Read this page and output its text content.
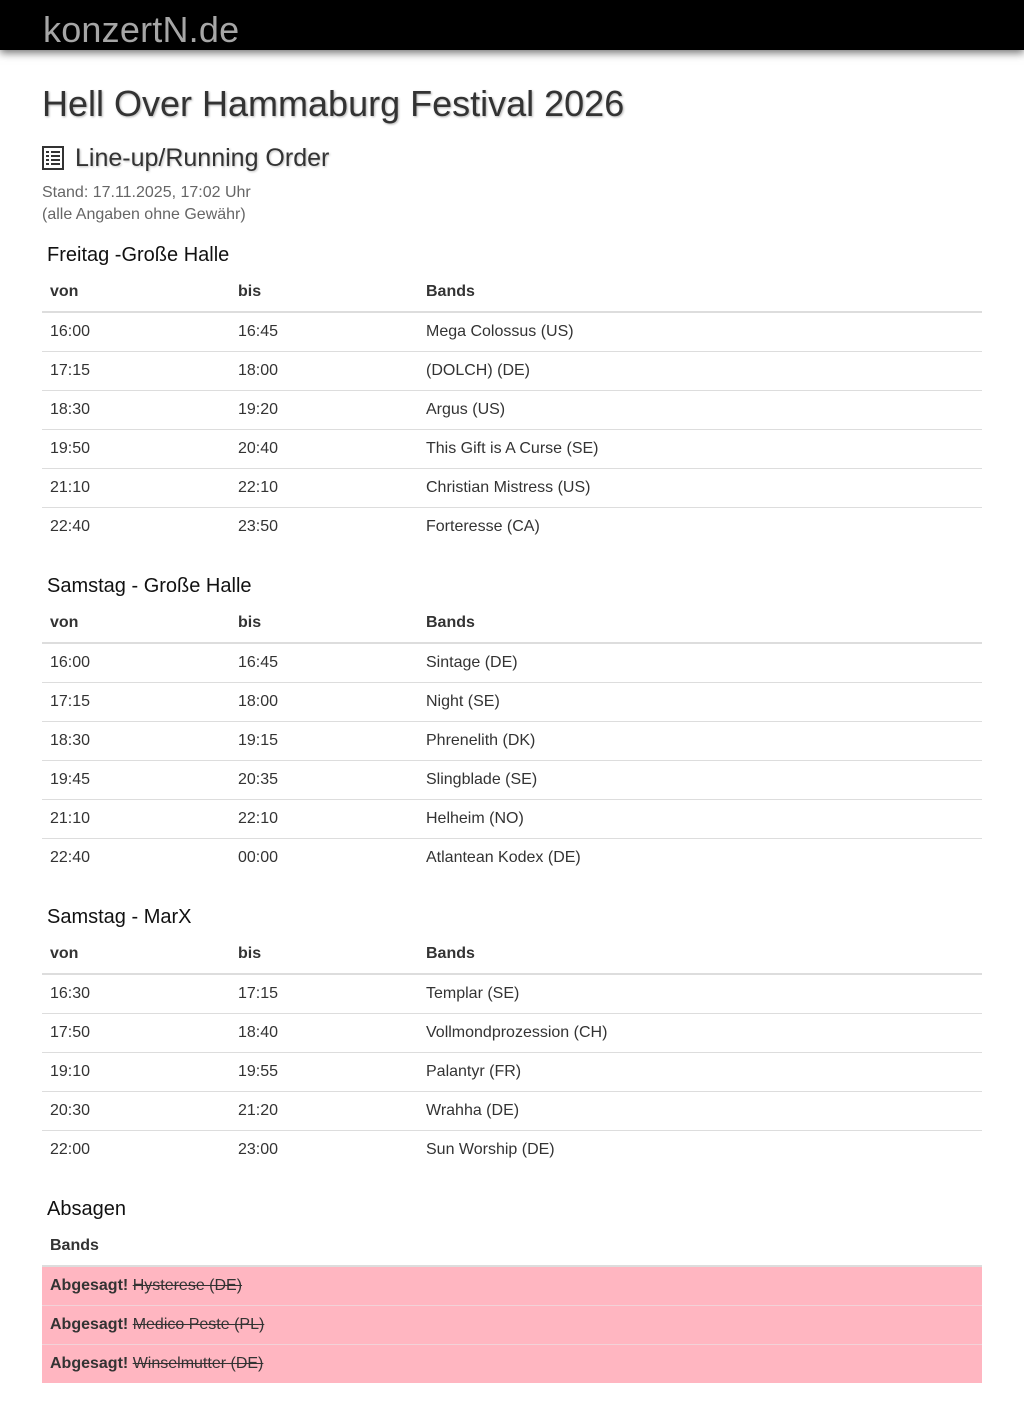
konzertN.de
Hell Over Hammaburg Festival 2026
Line-up/Running Order
Stand: 17.11.2025, 17:02 Uhr
(alle Angaben ohne Gewähr)
Freitag -Große Halle
von	bis	Bands
16:00	16:45	Mega Colossus (US)
17:15	18:00	(DOLCH) (DE)
18:30	19:20	Argus (US)
19:50	20:40	This Gift is A Curse (SE)
21:10	22:10	Christian Mistress (US)
22:40	23:50	Forteresse (CA)
Samstag - Große Halle
von	bis	Bands
16:00	16:45	Sintage (DE)
17:15	18:00	Night (SE)
18:30	19:15	Phrenelith (DK)
19:45	20:35	Slingblade (SE)
21:10	22:10	Helheim (NO)
22:40	00:00	Atlantean Kodex (DE)
Samstag - MarX
von	bis	Bands
16:30	17:15	Templar (SE)
17:50	18:40	Vollmondprozession (CH)
19:10	19:55	Palantyr (FR)
20:30	21:20	Wrahha (DE)
22:00	23:00	Sun Worship (DE)
Absagen
Bands
Abgesagt! Hysterese (DE)
Abgesagt! Medico Peste (PL)
Abgesagt! Winselmutter (DE)
